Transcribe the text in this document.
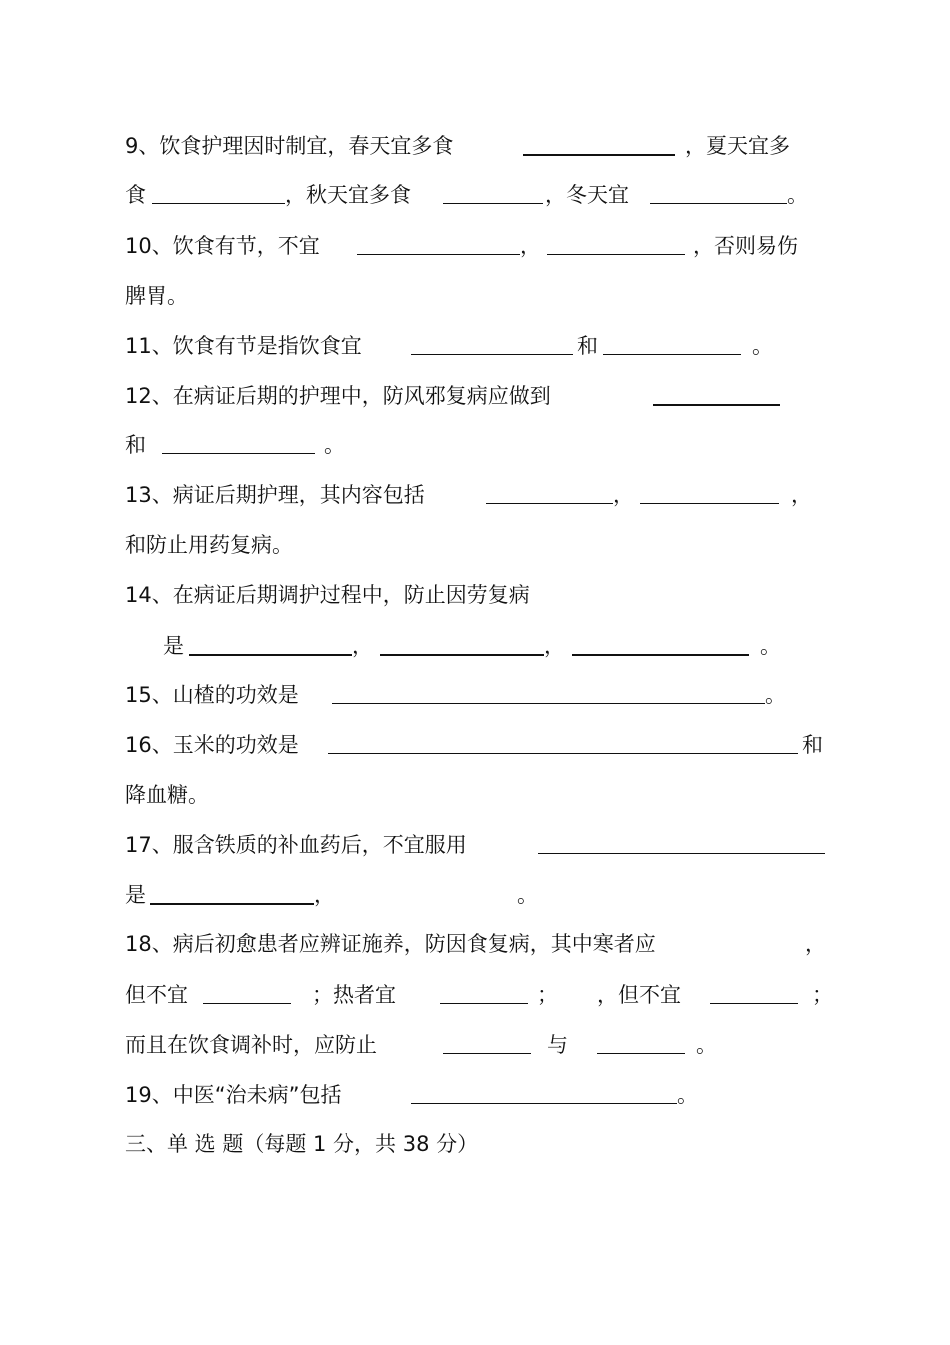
9、饮食护理因时制宜，春天宜多食	，夏天宜多
食	，秋天宜多食	，冬天宜	。
10、饮食有节，不宜	，	，否则易伤
脾胃。
11、饮食有节是指饮食宜	和	。
12、在病证后期的护理中，防风邪复病应做到
和	。
13、病证后期护理，其内容包括	，	，
和防止用药复病。
14、在病证后期调护过程中，防止因劳复病
是	，	，	。
15、山楂的功效是	。
16、玉米的功效是	和
降血糖。
17、服含铁质的补血药后，不宜服用
是	，	。
18、病后初愈患者应辨证施养，防因食复病，其中寒者应	，
但不宜	；热者宜	； ，但不宜	；
而且在饮食调补时，应防止	与	。
19、中医“治未病”包括	。
三、单 选 题（每题 1 分，共 38 分）
